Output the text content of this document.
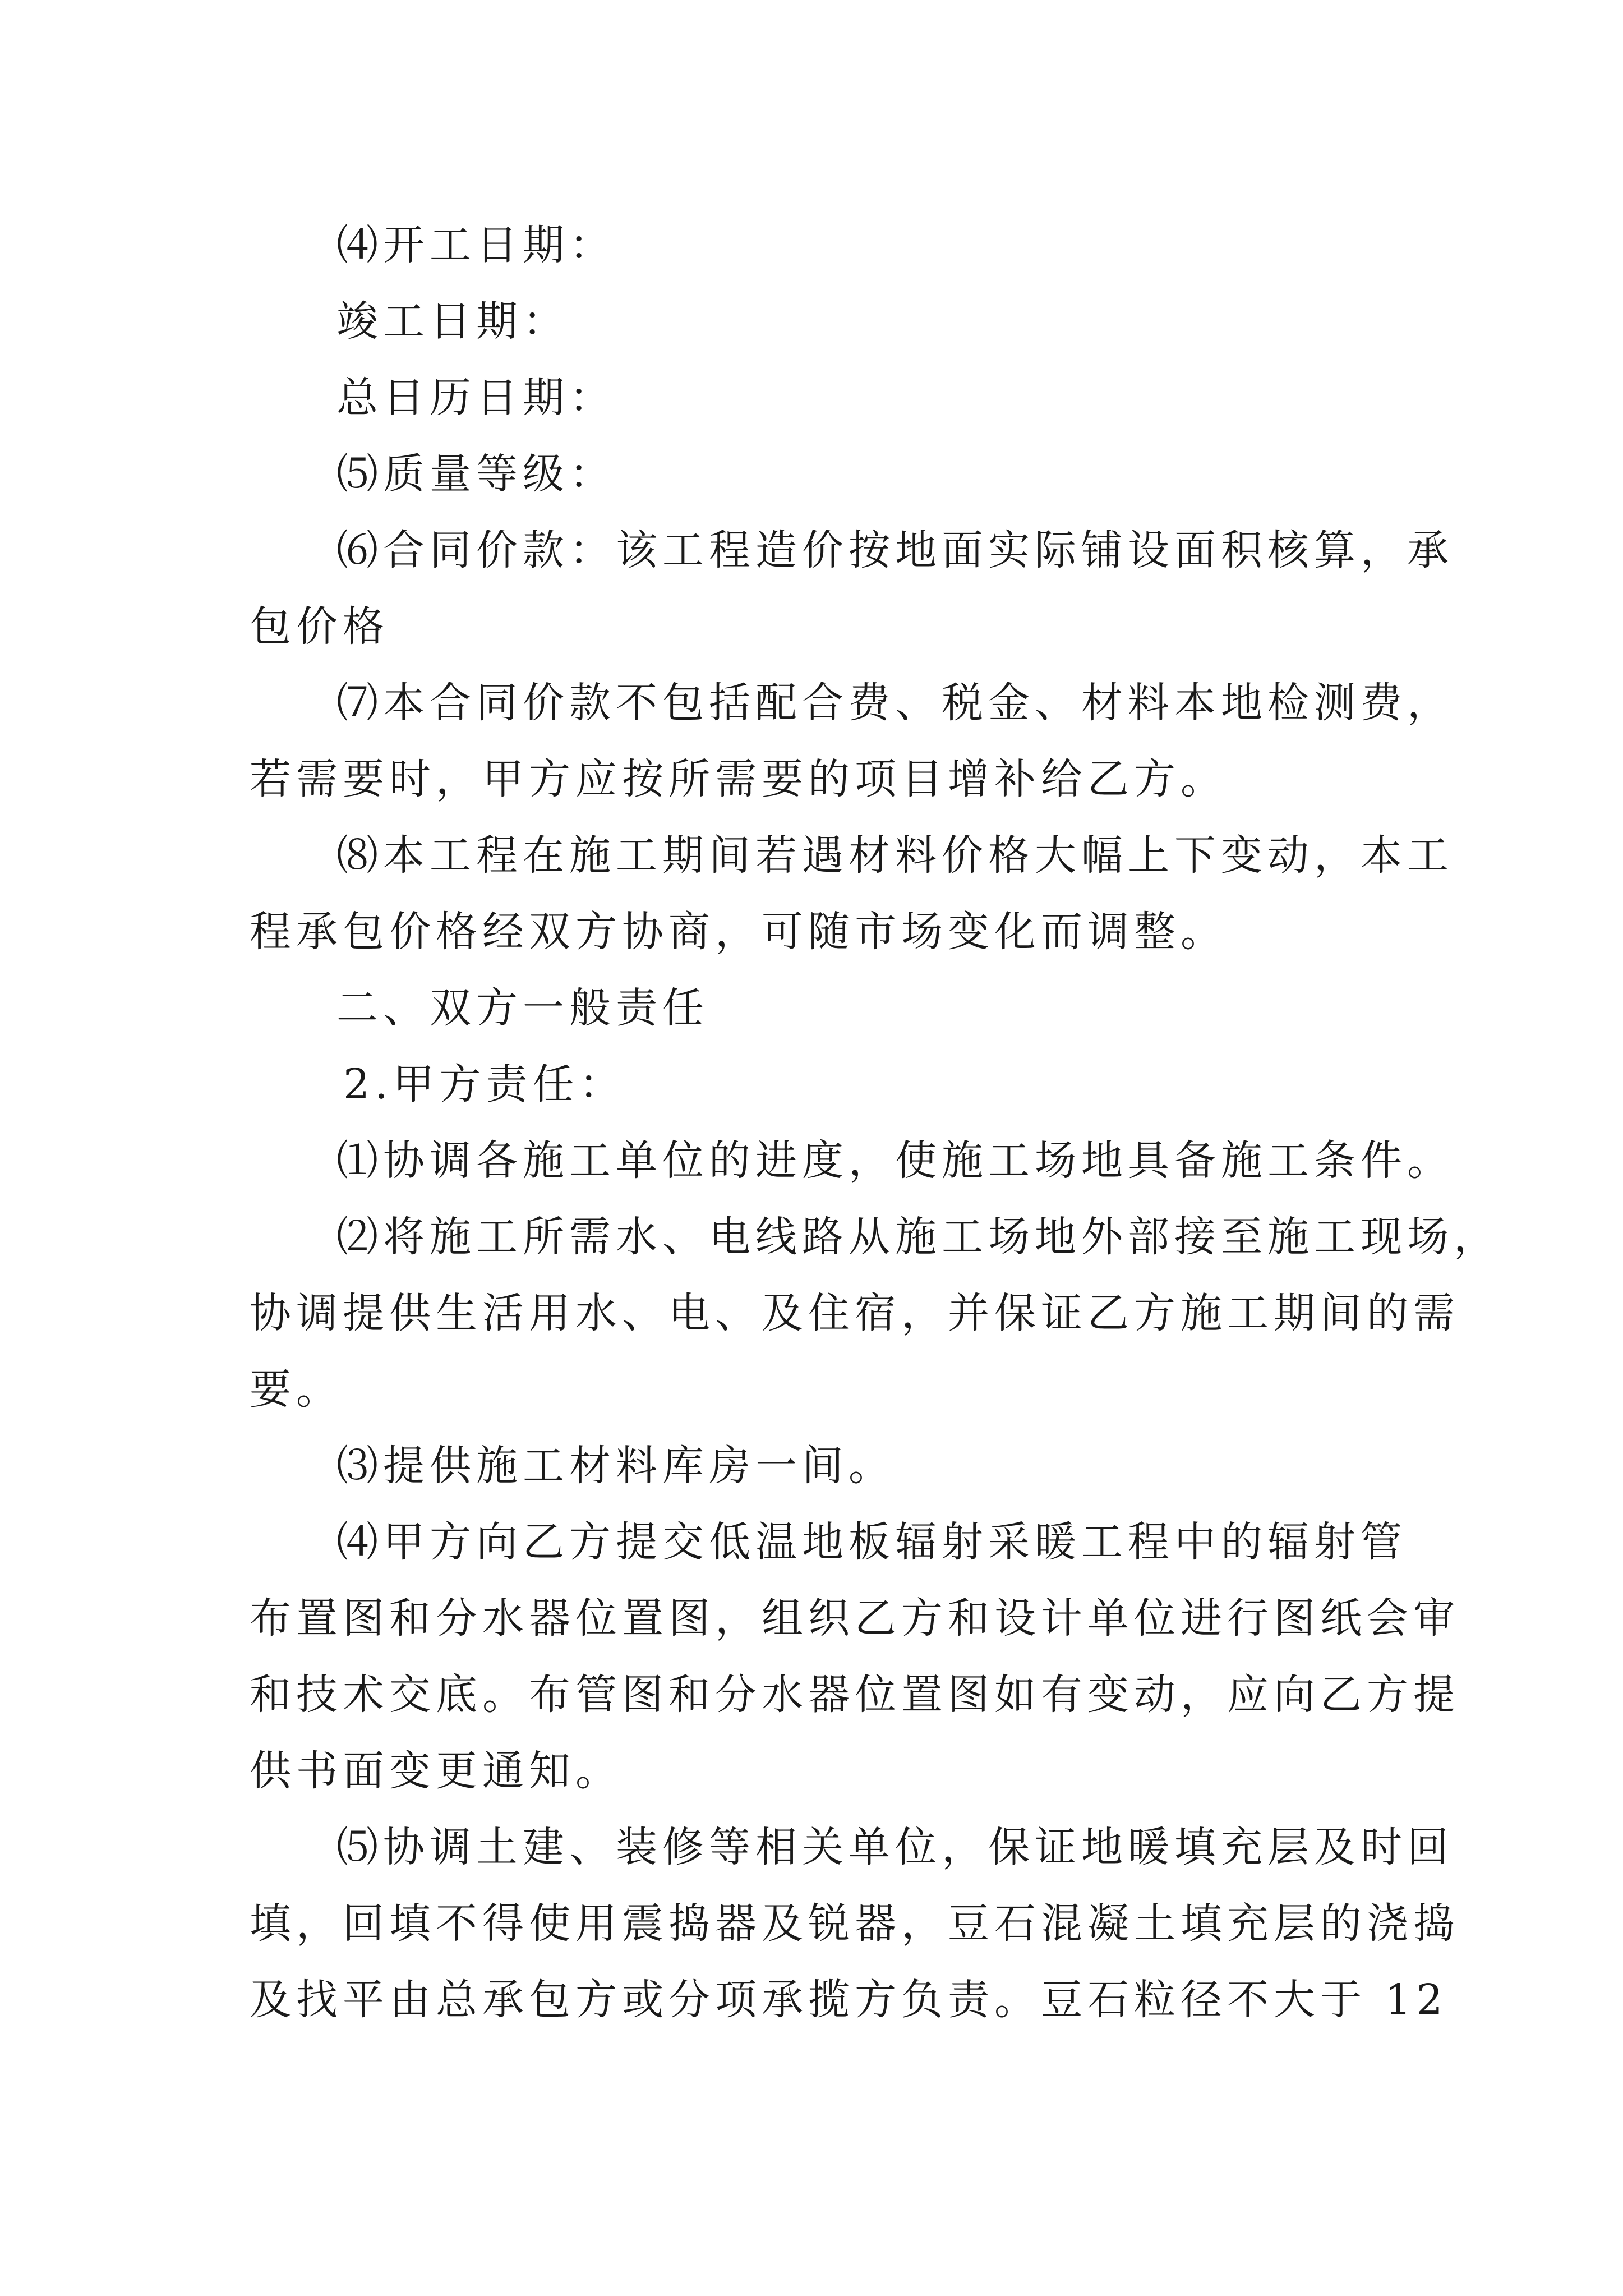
⑷开工日期：
竣工日期：
总日历日期：
⑸质量等级：
⑹合同价款：该工程造价按地面实际铺设面积核算，承
包价格
⑺本合同价款不包括配合费、税金、材料本地检测费，
若需要时，甲方应按所需要的项目增补给乙方。
⑻本工程在施工期间若遇材料价格大幅上下变动，本工
程承包价格经双方协商，可随市场变化而调整。
二、双方一般责任
2.甲方责任：
⑴协调各施工单位的进度，使施工场地具备施工条件。
⑵将施工所需水、电线路从施工场地外部接至施工现场，
协调提供生活用水、电、及住宿，并保证乙方施工期间的需
要。
⑶提供施工材料库房一间。
⑷甲方向乙方提交低温地板辐射采暖工程中的辐射管
布置图和分水器位置图，组织乙方和设计单位进行图纸会审
和技术交底。布管图和分水器位置图如有变动，应向乙方提
供书面变更通知。
⑸协调土建、装修等相关单位，保证地暖填充层及时回
填，回填不得使用震捣器及锐器，豆石混凝土填充层的浇捣
及找平由总承包方或分项承揽方负责。豆石粒径不大于 12
